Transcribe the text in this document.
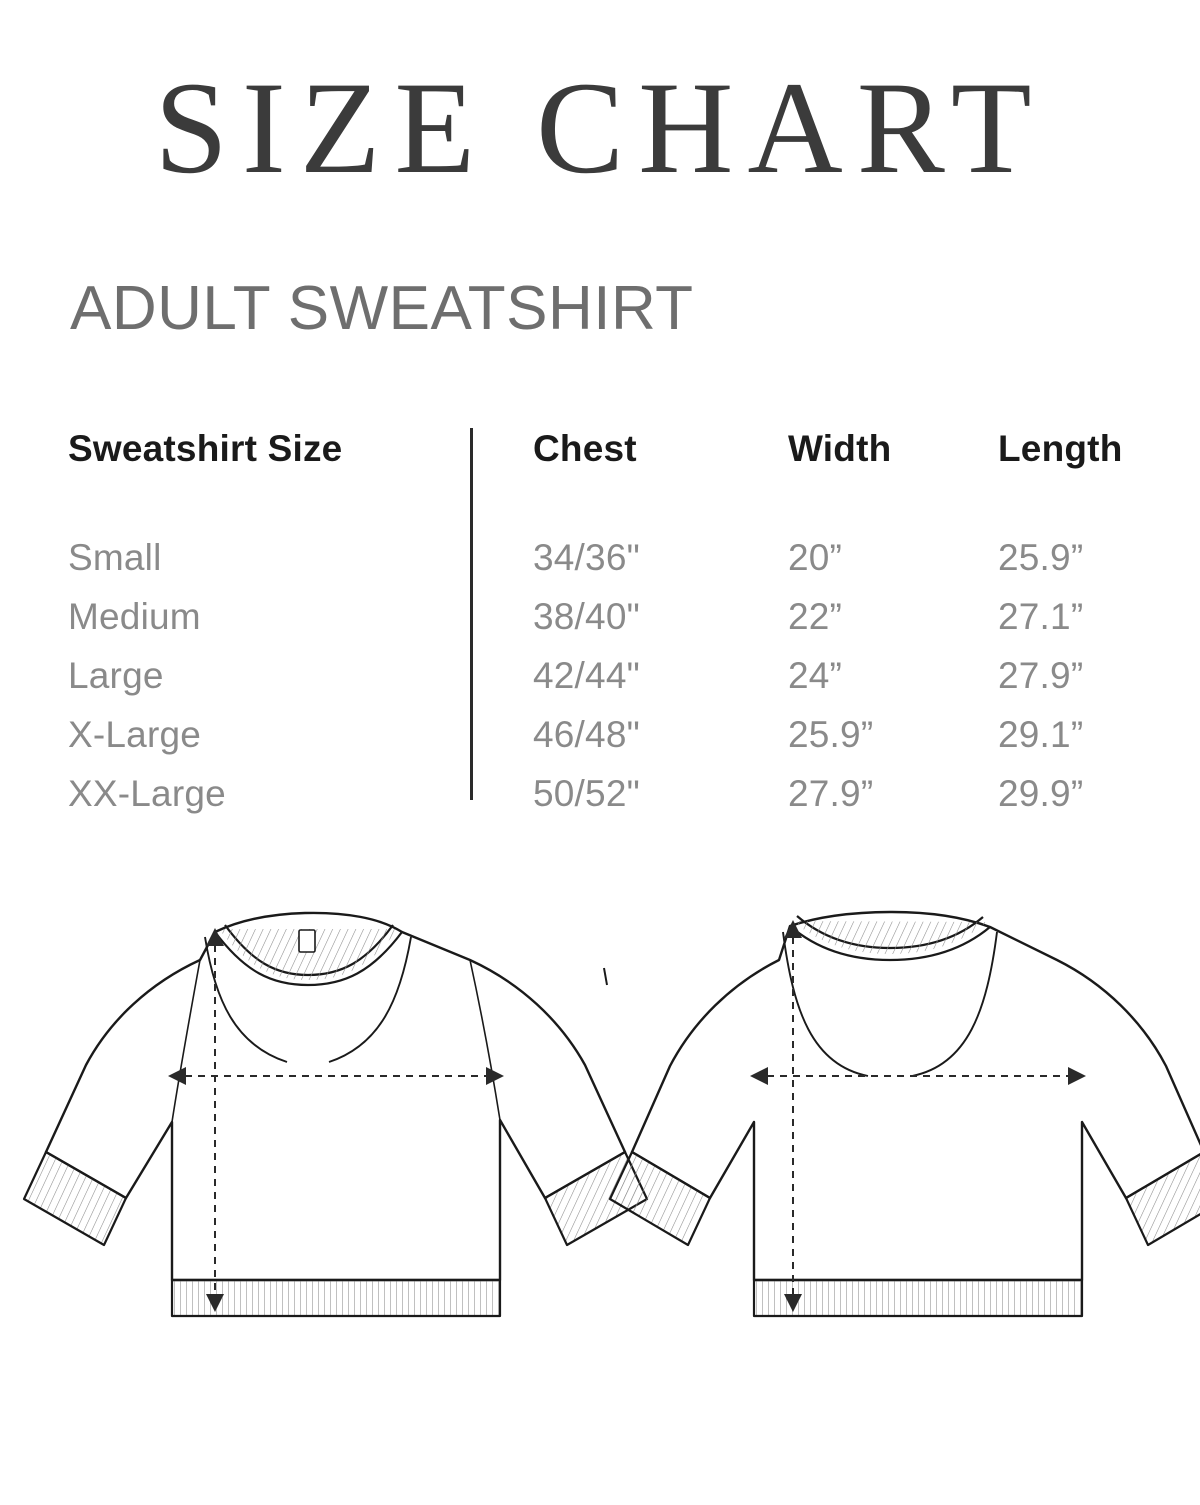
SIZE CHART
ADULT SWEATSHIRT
Sweatshirt Size	Chest	Width	Length
Small	34/36"	20”	25.9”
Medium	38/40"	22”	27.1”
Large	42/44"	24”	27.9”
X-Large	46/48"	25.9”	29.1”
XX-Large	50/52"	27.9”	29.9”
